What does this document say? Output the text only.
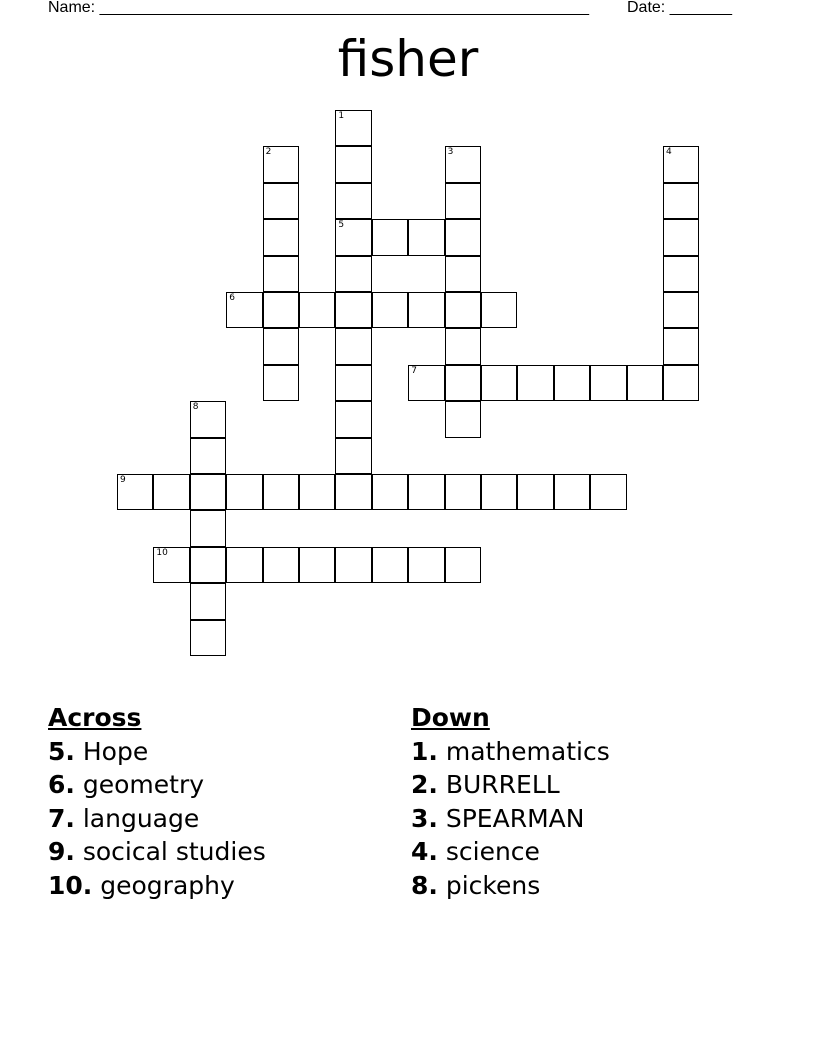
Name: _______________________________________________________ Date: _______
fisher
1
2	3	4
5
6
7
8
9
10
Across
5. Hope
6. geometry
7. language
9. socical studies
10. geography
Down
1. mathematics
2. BURRELL
3. SPEARMAN
4. science
8. pickens
